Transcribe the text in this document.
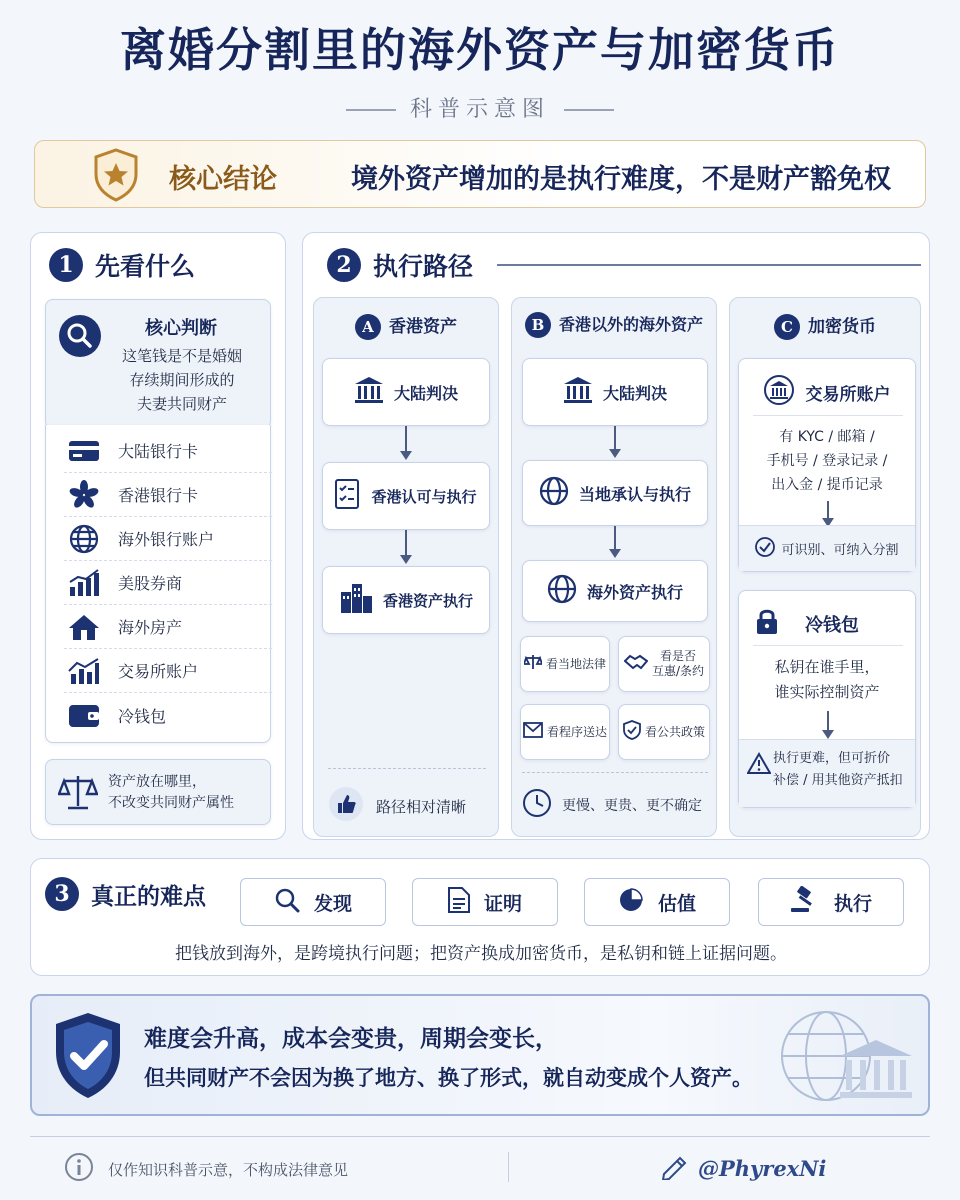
离婚分割里的海外资产与加密货币
科普示意图
核心结论	境外资产增加的是执行难度，不是财产豁免权
1 先看什么
核心判断
这笔钱是不是婚姻
存续期间形成的
夫妻共同财产
大陆银行卡
香港银行卡
海外银行账户
美股券商
海外房产
交易所账户
冷钱包
资产放在哪里，
不改变共同财产属性
2 执行路径
A 香港资产
大陆判决
香港认可与执行
香港资产执行
路径相对清晰
B 香港以外的海外资产
大陆判决
当地承认与执行
海外资产执行
看当地法律
看是否
互惠/条约
看程序送达	看公共政策
更慢、更贵、更不确定
C 加密货币
交易所账户
有 KYC / 邮箱 /
手机号 / 登录记录 /
出入金 / 提币记录
可识别、可纳入分割
冷钱包
私钥在谁手里，
谁实际控制资产
执行更难，但可折价
补偿 / 用其他资产抵扣
3 真正的难点
把钱放到海外，是跨境执行问题；把资产换成加密货币，是私钥和链上证据问题。
发现	证明	估值	执行
难度会升高，成本会变贵，周期会变长，
但共同财产不会因为换了地方、换了形式，就自动变成个人资产。
仅作知识科普示意，不构成法律意见	@PhyrexNi
